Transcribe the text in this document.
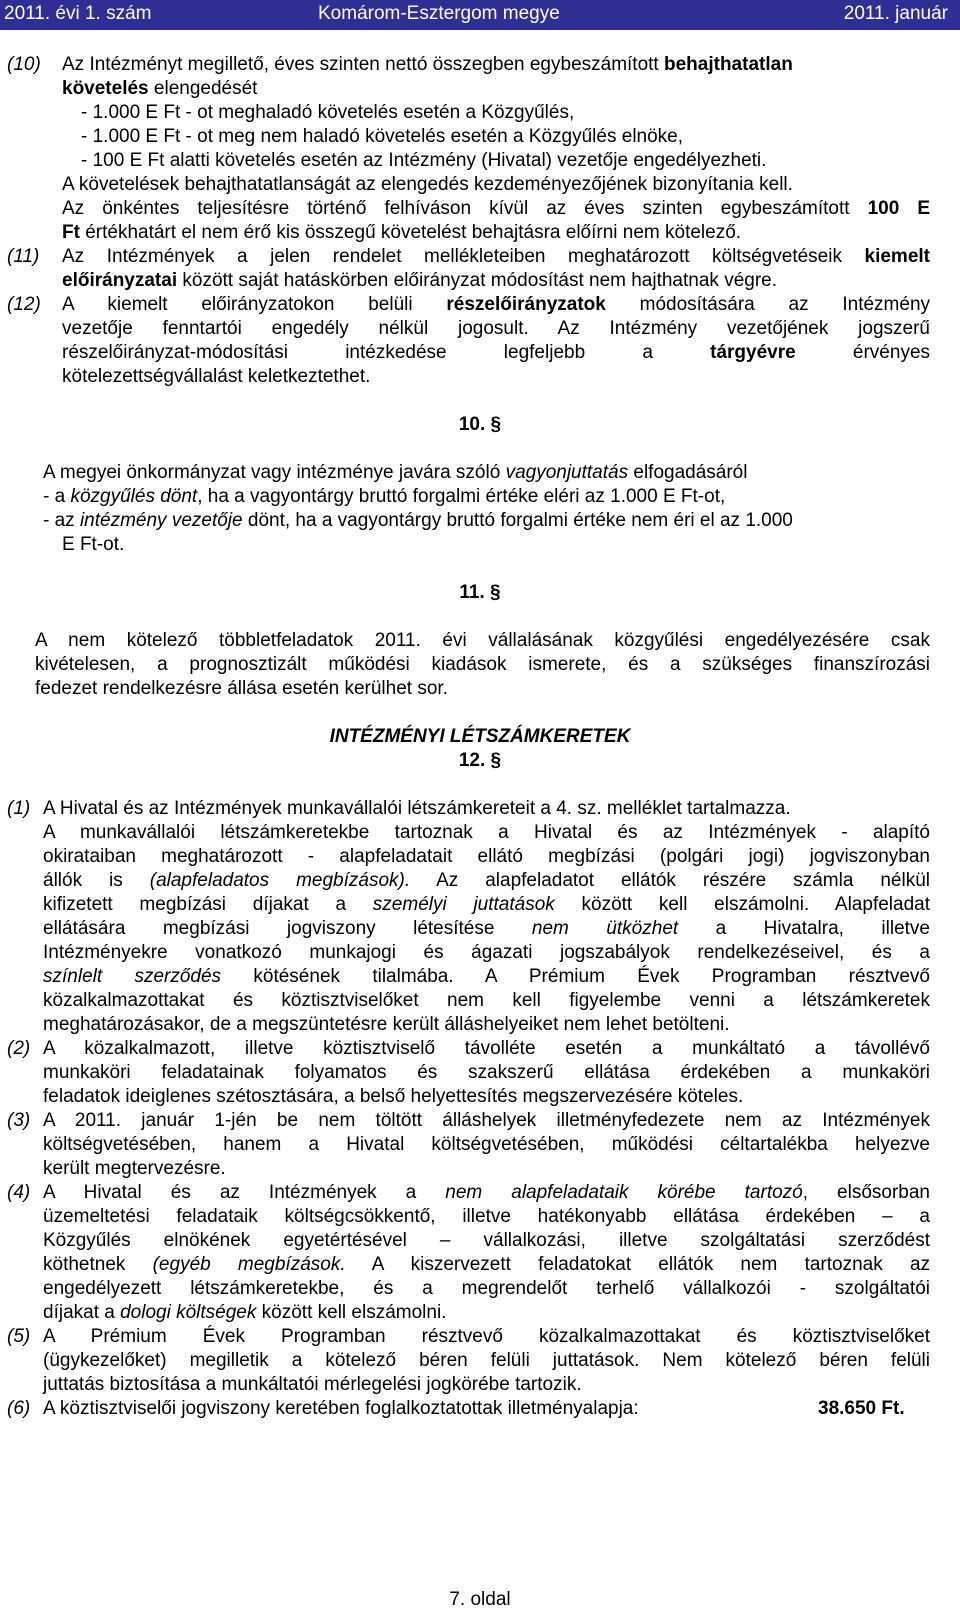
2011. évi 1. szám	Komárom-Esztergom megye	2011. január
(10) Az Intézményt megillető, éves szinten nettó összegben egybeszámított behajthatatlan
követelés elengedését
- 1.000 E Ft - ot meghaladó követelés esetén a Közgyűlés,
- 1.000 E Ft - ot meg nem haladó követelés esetén a Közgyűlés elnöke,
- 100 E Ft alatti követelés esetén az Intézmény (Hivatal) vezetője engedélyezheti.
A követelések behajthatatlanságát az elengedés kezdeményezőjének bizonyítania kell.
Az önkéntes teljesítésre történő felhíváson kívül az éves szinten egybeszámított 100 E
Ft értékhatárt el nem érő kis összegű követelést behajtásra előírni nem kötelező.
(11) Az Intézmények a jelen rendelet mellékleteiben meghatározott költségvetéseik kiemelt
előirányzatai között saját hatáskörben előirányzat módosítást nem hajthatnak végre.
(12) A kiemelt előirányzatokon belüli részelőirányzatok módosítására az Intézmény
vezetője fenntartói engedély nélkül jogosult. Az Intézmény vezetőjének jogszerű
részelőirányzat-módosítási intézkedése legfeljebb a tárgyévre érvényes
kötelezettségvállalást keletkeztethet.
10. §
A megyei önkormányzat vagy intézménye javára szóló vagyonjuttatás elfogadásáról
- a közgyűlés dönt, ha a vagyontárgy bruttó forgalmi értéke eléri az 1.000 E Ft-ot,
- az intézmény vezetője dönt, ha a vagyontárgy bruttó forgalmi értéke nem éri el az 1.000
E Ft-ot.
11. §
A nem kötelező többletfeladatok 2011. évi vállalásának közgyűlési engedélyezésére csak
kivételesen, a prognosztizált működési kiadások ismerete, és a szükséges finanszírozási
fedezet rendelkezésre állása esetén kerülhet sor.
INTÉZMÉNYI LÉTSZÁMKERETEK
12. §
(1) A Hivatal és az Intézmények munkavállalói létszámkereteit a 4. sz. melléklet tartalmazza.
A munkavállalói létszámkeretekbe tartoznak a Hivatal és az Intézmények - alapító
okirataiban meghatározott - alapfeladatait ellátó megbízási (polgári jogi) jogviszonyban
állók is (alapfeladatos megbízások). Az alapfeladatot ellátók részére számla nélkül
kifizetett megbízási díjakat a személyi juttatások között kell elszámolni. Alapfeladat
ellátására megbízási jogviszony létesítése nem ütközhet a Hivatalra, illetve
Intézményekre vonatkozó munkajogi és ágazati jogszabályok rendelkezéseivel, és a
színlelt szerződés kötésének tilalmába. A Prémium Évek Programban résztvevő
közalkalmazottakat és köztisztviselőket nem kell figyelembe venni a létszámkeretek
meghatározásakor, de a megszüntetésre került álláshelyeiket nem lehet betölteni.
(2) A közalkalmazott, illetve köztisztviselő távolléte esetén a munkáltató a távollévő
munkaköri feladatainak folyamatos és szakszerű ellátása érdekében a munkaköri
feladatok ideiglenes szétosztására, a belső helyettesítés megszervezésére köteles.
(3) A 2011. január 1-jén be nem töltött álláshelyek illetményfedezete nem az Intézmények
költségvetésében, hanem a Hivatal költségvetésében, működési céltartalékba helyezve
került megtervezésre.
(4) A Hivatal és az Intézmények a nem alapfeladataik körébe tartozó, elsősorban
üzemeltetési feladataik költségcsökkentő, illetve hatékonyabb ellátása érdekében – a
Közgyűlés elnökének egyetértésével – vállalkozási, illetve szolgáltatási szerződést
köthetnek (egyéb megbízások. A kiszervezett feladatokat ellátók nem tartoznak az
engedélyezett létszámkeretekbe, és a megrendelőt terhelő vállalkozói - szolgáltatói
díjakat a dologi költségek között kell elszámolni.
(5) A Prémium Évek Programban résztvevő közalkalmazottakat és köztisztviselőket
(ügykezelőket) megilletik a kötelező béren felüli juttatások. Nem kötelező béren felüli
juttatás biztosítása a munkáltatói mérlegelési jogkörébe tartozik.
(6) A köztisztviselői jogviszony keretében foglalkoztatottak illetményalapja:	38.650 Ft.
7. oldal
